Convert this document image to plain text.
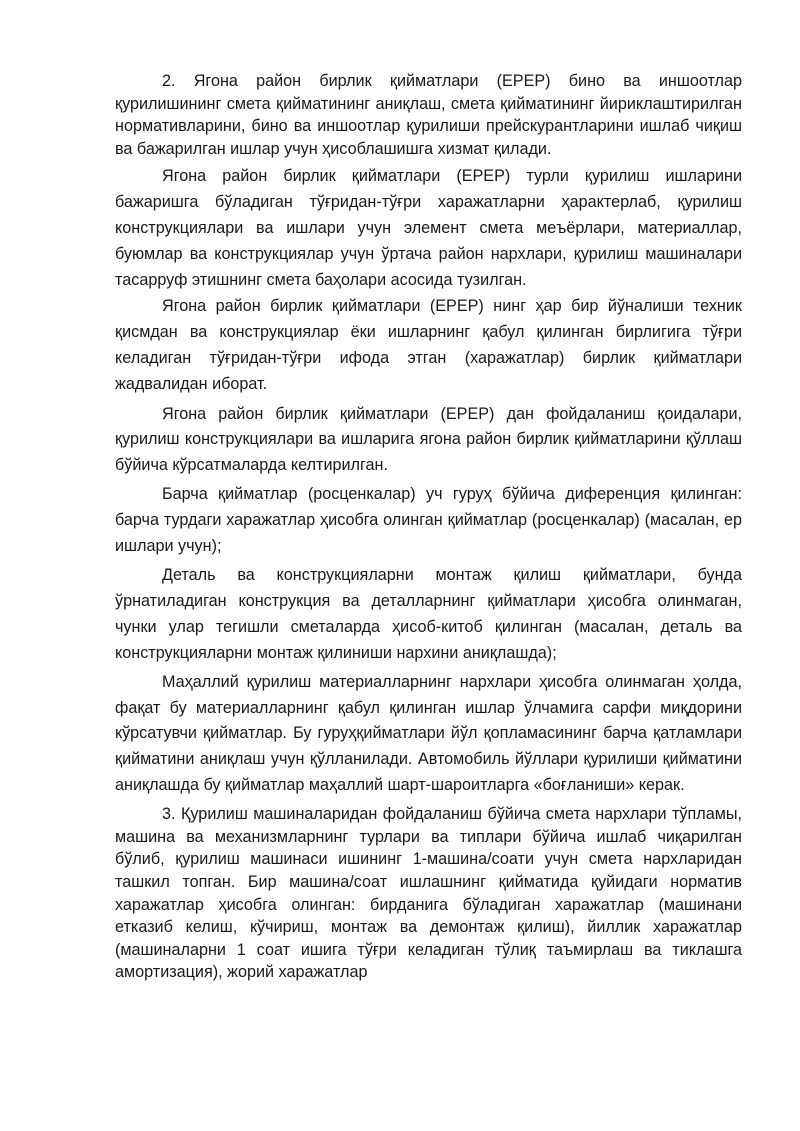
2. Ягона район бирлик қийматлари (ЕРЕР) бино ва иншоотлар қурилишининг смета қийматининг аниқлаш, смета қийматининг йириклаштирилган нормативларини, бино ва иншоотлар қурилиши прейскурантларини ишлаб чиқиш ва бажарилган ишлар учун ҳисоблашишга хизмат қилади.

Ягона район бирлик қийматлари (ЕРЕР) турли қурилиш ишларини бажаришга бўладиган тўғридан-тўғри харажатларни ҳарактерлаб, қурилиш конструкциялари ва ишлари учун элемент смета меъёрлари, материаллар, буюмлар ва конструкциялар учун ўртача район нархлари, қурилиш машиналари тасарруф этишнинг смета баҳолари асосида тузилган.

Ягона район бирлик қийматлари (ЕРЕР) нинг ҳар бир йўналиши техник қисмдан ва конструкциялар ёки ишларнинг қабул қилинган бирлигига тўғри келадиган тўғридан-тўғри ифода этган (харажатлар) бирлик қийматлари жадвалидан иборат.

Ягона район бирлик қийматлари (ЕРЕР) дан фойдаланиш қоидалари, қурилиш конструкциялари ва ишларига ягона район бирлик қийматларини қўллаш бўйича кўрсатмаларда келтирилган.

Барча қийматлар (росценкалар) уч гуруҳ бўйича диференция қилинган: барча турдаги харажатлар ҳисобга олинган қийматлар (росценкалар) (масалан, ер ишлари учун);

Деталь ва конструкцияларни монтаж қилиш қийматлари, бунда ўрнатиладиган конструкция ва деталларнинг қийматлари ҳисобга олинмаган, чунки улар тегишли сметаларда ҳисоб-китоб қилинган (масалан, деталь ва конструкцияларни монтаж қилиниши нархини аниқлашда);

Маҳаллий қурилиш материалларнинг нархлари ҳисобга олинмаган ҳолда, фақат бу материалларнинг қабул қилинган ишлар ўлчамига сарфи миқдорини кўрсатувчи қийматлар. Бу гуруҳқийматлари йўл қопламасининг барча қатламлари қийматини аниқлаш учун қўлланилади. Автомобиль йўллари қурилиши қийматини аниқлашда бу қийматлар маҳаллий шарт-шароитларга «боғланиши» керак.

3. Қурилиш машиналаридан фойдаланиш бўйича смета нархлари тўпламы, машина ва механизмларнинг турлари ва типлари бўйича ишлаб чиқарилган бўлиб, қурилиш машинаси ишининг 1-машина/соати учун смета нархларидан ташкил топган. Бир машина/соат ишлашнинг қийматида қуйидаги норматив харажатлар ҳисобга олинган: бирданига бўладиган харажатлар (машинани етказиб келиш, кўчириш, монтаж ва демонтаж қилиш), йиллик харажатлар (машиналарни 1 соат ишига тўғри келадиган тўлиқ таъмирлаш ва тиклашга амортизация), жорий харажатлар
